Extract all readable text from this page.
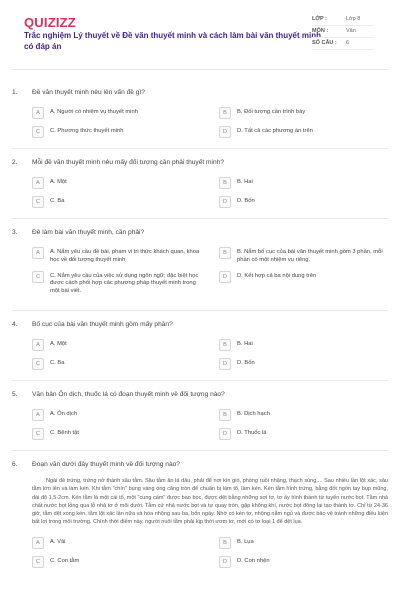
QUIZIZZ
Trắc nghiệm Lý thuyết về Đề văn thuyết minh và cách làm bài văn thuyết minh có đáp án
LỚP :	Lớp 8
MÔN :	Văn
SỐ CÂU :	6
1.	Đề văn thuyết minh nêu lên vấn đề gì?
A	A. Người có nhiệm vụ thuyết minh	B	B. Đối tượng cần trình bày
C	C. Phương thức thuyết minh	D	D. Tất cả các phương án trên
2.	Mỗi đề văn thuyết minh nêu mấy đối tượng cần phải thuyết minh?
A	A. Một	B	B. Hai
C	C. Ba	D	D. Bốn
3.	Đề làm bài văn thuyết minh, cần phải?
A	A. Nắm yêu cầu đề bài, phạm vi tri thức khách quan, khoa học về đối tượng thuyết minh
B	B. Nắm bố cục của bài văn thuyết minh gồm 3 phần, mỗi phần có một nhiệm vụ riêng.
C	C. Nắm yêu cầu của việc sử dụng ngôn ngữ; đặc biệt học được cách phối hợp các phương pháp thuyết minh trong một bài viết.
D	D. Kết hợp cả ba nội dung trên
4.	Bố cục của bài văn thuyết minh gồm mấy phần?
A	A. Một	B	B. Hai
C	C. Ba	D	D. Bốn
5.	Văn bản Ôn dịch, thuốc lá có đoạn thuyết minh về đối tượng nào?
A	A. Ôn dịch	B	B. Dịch hạch
C	C. Bệnh tật	D	D. Thuốc lá
6.	Đoạn văn dưới đây thuyết minh về đối tượng nào?
Ngài đẻ trứng, trứng nở thành sâu tằm. Sâu tằm ăn lá dâu, phải để nơi kín gió, phòng ruồi nhặng, thạch sùng,... Sau nhiều lần lột xác, sâu tằm lớn lên và làm kén. Khi tằm "chín" bụng vàng óng căng tròn để chuẩn bị làm tổ, làm kén. Kén tằm hình trứng, bằng đốt ngón tay bụp mũng, dài độ 1,5-2cm. Kén tằm là một cái tổ, một "cung cấm" được bao bọc, được dệt bằng những sợi tơ, tơ ấy hình thành từ tuyến nước bọt. Tằm nhả chất nước bọt lỏng qua lỗ nhả tơ ở môi dưới. Tằm cứ nhả nước bọt và tự quay tròn, gặp không khí, nước bọt đông lại tạo thành tơ. Chỉ từ 24-36 giờ, tằm dệt xong kén, tằm lột xác lần nữa và hóa nhộng sau ba, bốn ngày. Nhờ có kén tơ, nhộng nằm ngủ và được bảo vệ tránh những điều kiện bất lợi trong môi trường. Chính thời điểm này, người nuôi tằm phải kịp thời ươm tơ, mới có tơ loại 1 để dệt lụa.
A	A. Vải	B	B. Lụa
C	C. Con tằm	D	D. Con nhện
